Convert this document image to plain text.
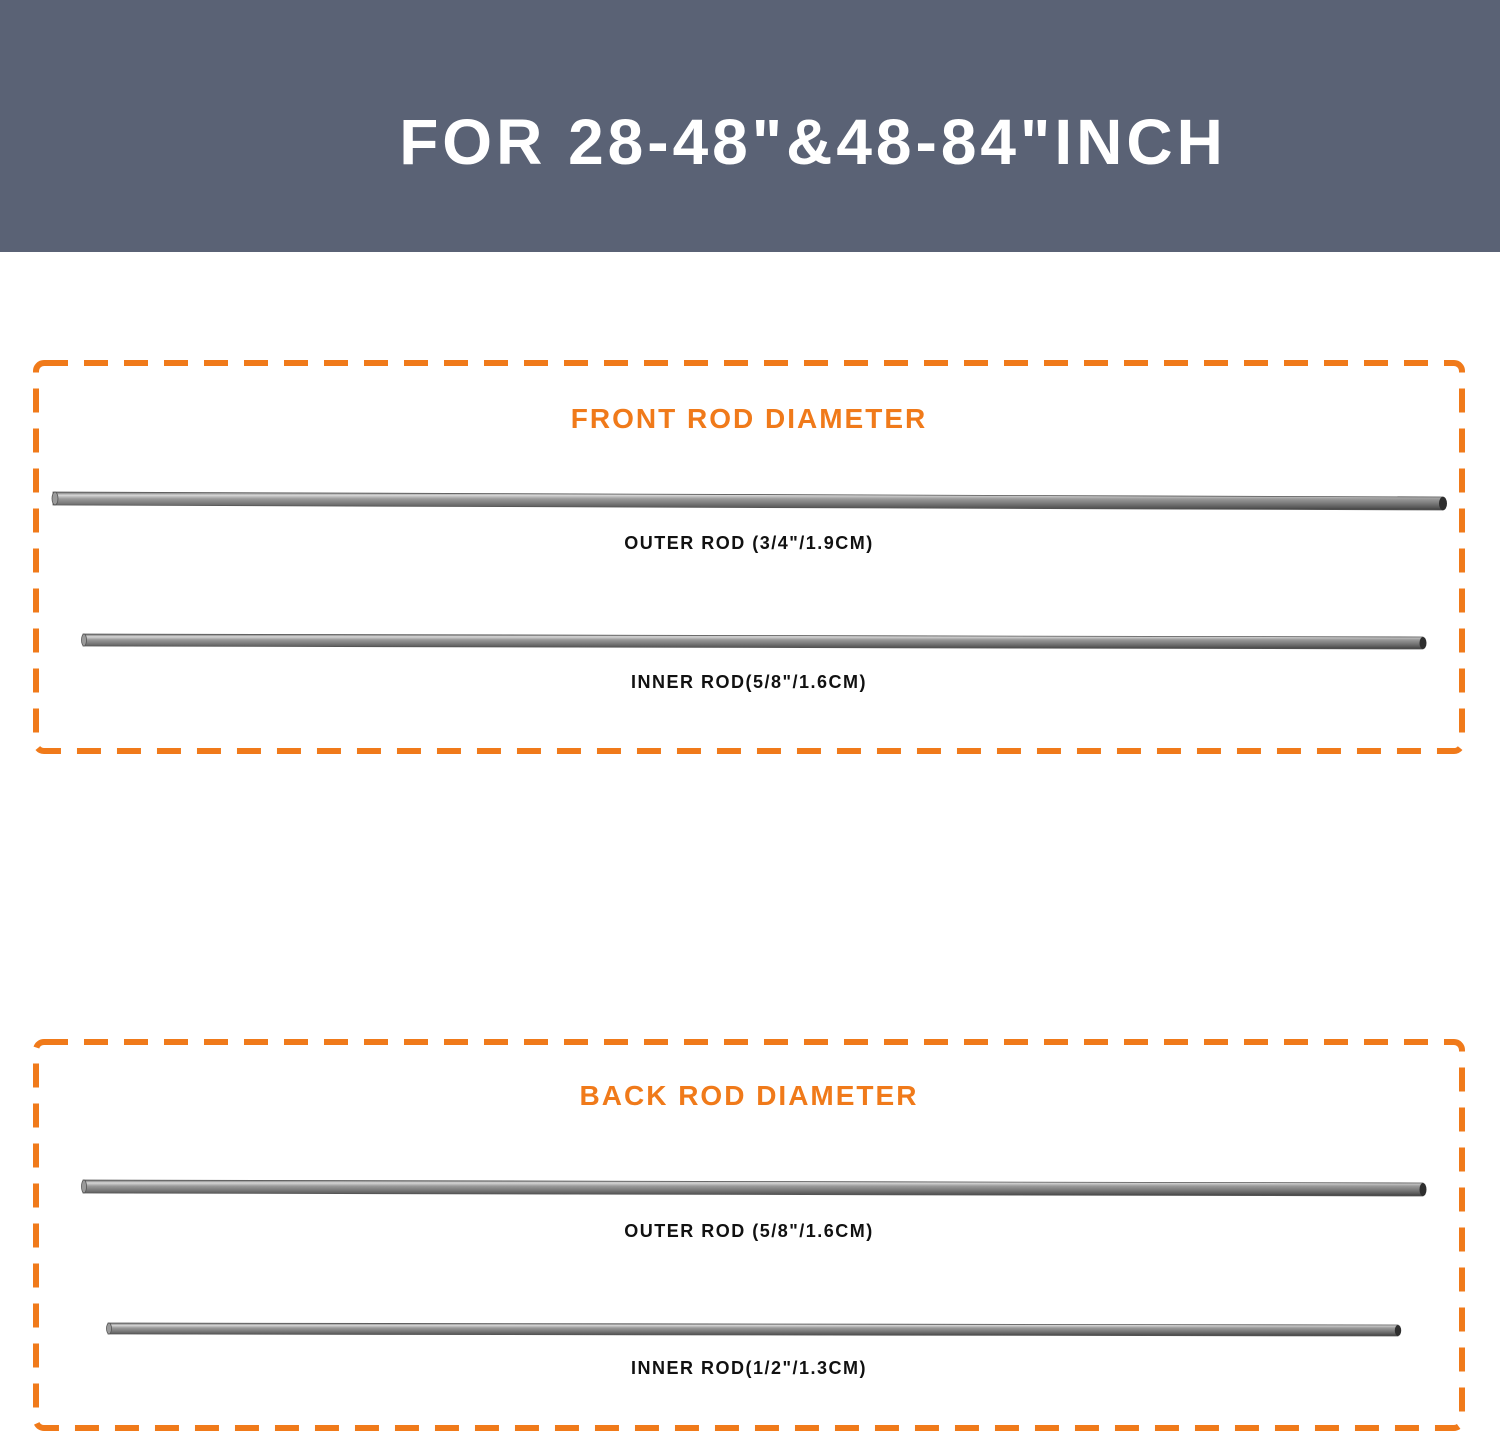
FOR 28-48"&48-84"INCH
FRONT ROD DIAMETER
OUTER ROD (3/4"/1.9CM)
INNER ROD(5/8"/1.6CM)
BACK ROD DIAMETER
OUTER ROD (5/8"/1.6CM)
INNER ROD(1/2"/1.3CM)
